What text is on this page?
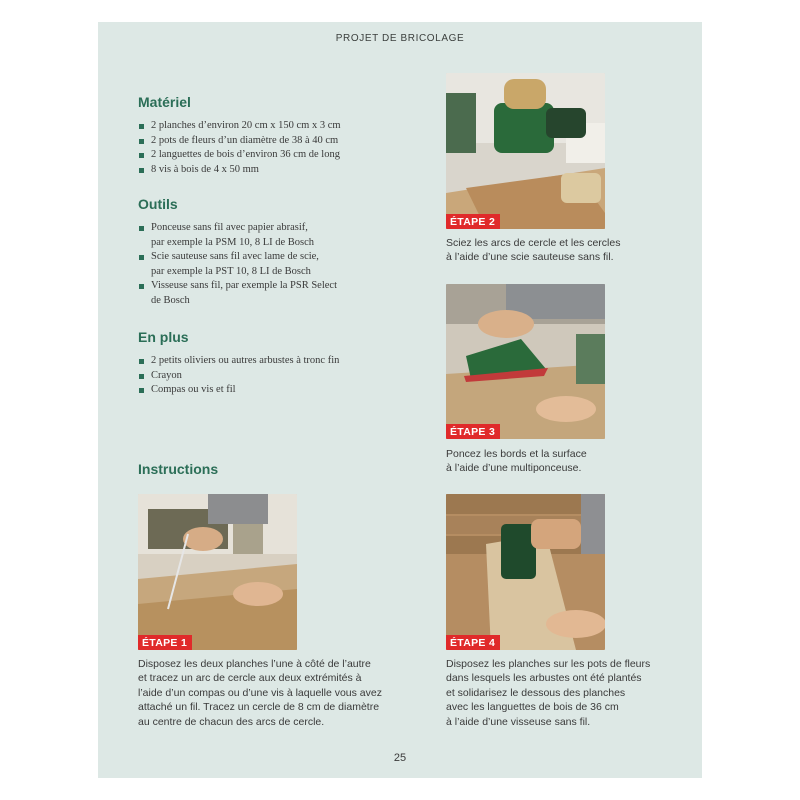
PROJET DE BRICOLAGE
Matériel
2 planches d’environ 20 cm x 150 cm x 3 cm
2 pots de fleurs d’un diamètre de 38 à 40 cm
2 languettes de bois d’environ 36 cm de long
8 vis à bois de 4 x 50 mm
Outils
Ponceuse sans fil avec papier abrasif,
par exemple la PSM 10, 8 LI de Bosch
Scie sauteuse sans fil avec lame de scie,
par exemple la PST 10, 8 LI de Bosch
Visseuse sans fil, par exemple la PSR Select
de Bosch
En plus
2 petits oliviers ou autres arbustes à tronc fin
Crayon
Compas ou vis et fil
Instructions
ÉTAPE 2
Sciez les arcs de cercle et les cercles
à l’aide d’une scie sauteuse sans fil.
ÉTAPE 3
Poncez les bords et la surface
à l’aide d’une multiponceuse.
ÉTAPE 1
Disposez les deux planches l’une à côté de l’autre
et tracez un arc de cercle aux deux extrémités à
l’aide d’un compas ou d’une vis à laquelle vous avez
attaché un fil. Tracez un cercle de 8 cm de diamètre
au centre de chacun des arcs de cercle.
ÉTAPE 4
Disposez les planches sur les pots de fleurs
dans lesquels les arbustes ont été plantés
et solidarisez le dessous des planches
avec les languettes de bois de 36 cm
à l’aide d’une visseuse sans fil.
25
